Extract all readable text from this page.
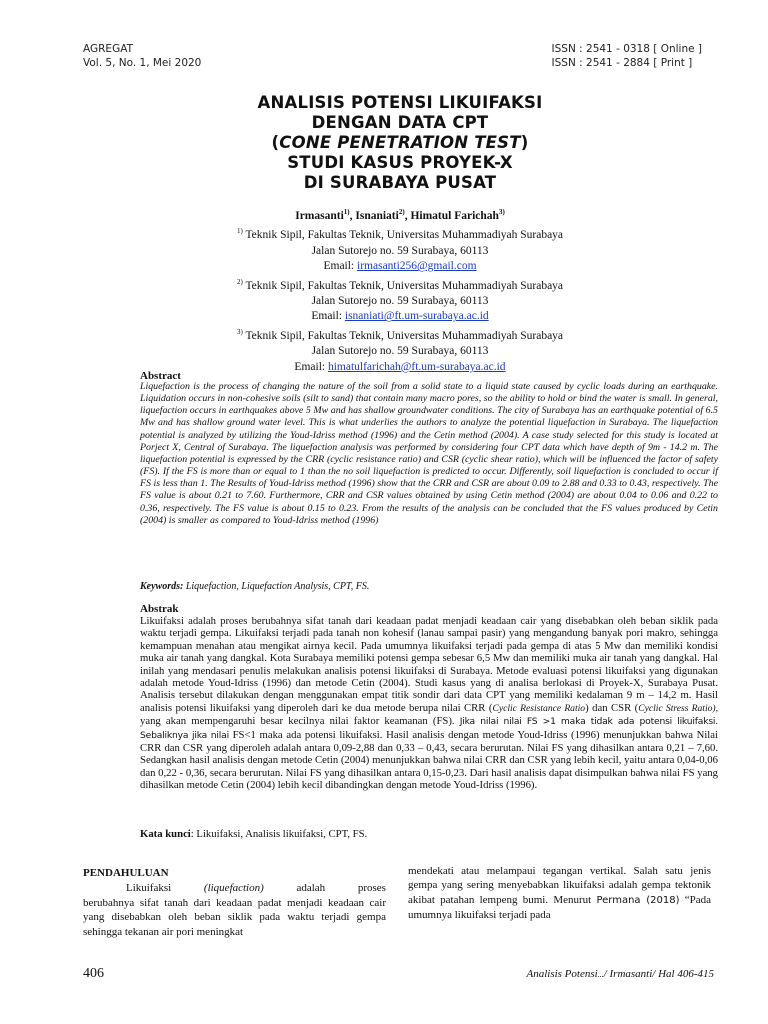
AGREGAT
Vol. 5, No. 1, Mei 2020
ISSN : 2541 - 0318 [ Online ]
ISSN : 2541 - 2884 [ Print ]
ANALISIS POTENSI LIKUIFAKSI
DENGAN DATA CPT
(CONE PENETRATION TEST)
STUDI KASUS PROYEK-X
DI SURABAYA PUSAT
Irmasanti$^{1)}$, Isnaniati$^{2)}$, Himatul Farichah$^{3)}$
$^{1)}$ Teknik Sipil, Fakultas Teknik, Universitas Muhammadiyah Surabaya
Jalan Sutorejo no. 59 Surabaya, 60113
Email: irmasanti256@gmail.com
$^{2)}$ Teknik Sipil, Fakultas Teknik, Universitas Muhammadiyah Surabaya
Jalan Sutorejo no. 59 Surabaya, 60113
Email: isnaniati@ft.um-surabaya.ac.id
$^{3)}$ Teknik Sipil, Fakultas Teknik, Universitas Muhammadiyah Surabaya
Jalan Sutorejo no. 59 Surabaya, 60113
Email: himatulfarichah@ft.um-surabaya.ac.id
Abstract
Liquefaction is the process of changing the nature of the soil from a solid state to a liquid state caused by cyclic loads during an earthquake. Liquidation occurs in non-cohesive soils (silt to sand) that contain many macro pores, so the ability to hold or bind the water is small. In general, liquefaction occurs in earthquakes above 5 Mw and has shallow groundwater conditions. The city of Surabaya has an earthquake potential of 6.5 Mw and has shallow ground water level. This is what underlies the authors to analyze the potential liquefaction in Surabaya. The liquefaction potential is analyzed by utilizing the Youd-Idriss method (1996) and the Cetin method (2004). A case study selected for this study is located at Porject X, Central of Surabaya. The liquefaction analysis was performed by considering four CPT data which have depth of 9m - 14.2 m. The liquefaction potential is expressed by the CRR (cyclic resistance ratio) and CSR (cyclic shear ratio), which will be influenced the factor of safety (FS). If the FS is more than or equal to 1 than the no soil liquefaction is predicted to occur. Differently, soil liquefaction is concluded to occur if FS is less than 1. The Results of Youd-Idriss method (1996) show that the CRR and CSR are about 0.09 to 2.88 and 0.33 to 0.43, respectively. The FS value is about 0.21 to 7.60. Furthermore, CRR and CSR values obtained by using Cetin method (2004) are about 0.04 to 0.06 and 0.22 to 0.36, respectively. The FS value is about 0.15 to 0.23. From the results of the analysis can be concluded that the FS values produced by Cetin (2004) is smaller as compared to Youd-Idriss method (1996)
Keywords: Liquefaction, Liquefaction Analysis, CPT, FS.
Abstrak
Likuifaksi adalah proses berubahnya sifat tanah dari keadaan padat menjadi keadaan cair yang disebabkan oleh beban siklik pada waktu terjadi gempa. Likuifaksi terjadi pada tanah non kohesif (lanau sampai pasir) yang mengandung banyak pori makro, sehingga kemampuan menahan atau mengikat airnya kecil. Pada umumnya likuifaksi terjadi pada gempa di atas 5 Mw dan memiliki kondisi muka air tanah yang dangkal. Kota Surabaya memiliki potensi gempa sebesar 6,5 Mw dan memiliki muka air tanah yang dangkal. Hal inilah yang mendasari penulis melakukan analisis potensi likuifaksi di Surabaya. Metode evaluasi potensi likuifaksi yang digunakan adalah metode Youd-Idriss (1996) dan metode Cetin (2004). Studi kasus yang di analisa berlokasi di Proyek-X, Surabaya Pusat. Analisis tersebut dilakukan dengan menggunakan empat titik sondir dari data CPT yang memiliki kedalaman 9 m – 14,2 m. Hasil analisis potensi likuifaksi yang diperoleh dari ke dua metode berupa nilai CRR (Cyclic Resistance Ratio) dan CSR (Cyclic Stress Ratio), yang akan mempengaruhi besar kecilnya nilai faktor keamanan (FS). Jika nilai nilai FS >1 maka tidak ada potensi likuifaksi. Sebaliknya jika nilai FS<1 maka ada potensi likuifaksi. Hasil analisis dengan metode Youd-Idriss (1996) menunjukkan bahwa Nilai CRR dan CSR yang diperoleh adalah antara 0,09-2,88 dan 0,33 – 0,43, secara berurutan. Nilai FS yang dihasilkan antara 0,21 – 7,60. Sedangkan hasil analisis dengan metode Cetin (2004) menunjukkan bahwa nilai CRR dan CSR yang lebih kecil, yaitu antara 0,04-0,06 dan 0,22 - 0,36, secara berurutan. Nilai FS yang dihasilkan antara 0,15-0,23. Dari hasil analisis dapat disimpulkan bahwa nilai FS yang dihasilkan metode Cetin (2004) lebih kecil dibandingkan dengan metode Youd-Idriss (1996).
Kata kunci: Likuifaksi, Analisis likuifaksi, CPT, FS.
PENDAHULUAN
Likuifaksi	(liquefaction)	adalah	proses
berubahnya sifat tanah dari keadaan padat menjadi keadaan cair yang disebabkan oleh beban siklik pada waktu terjadi gempa sehingga tekanan air pori meningkat
mendekati atau melampaui tegangan vertikal. Salah satu jenis gempa yang sering menyebabkan likuifaksi adalah gempa tektonik akibat patahan lempeng bumi. Menurut Permana (2018) “Pada umumnya likuifaksi terjadi pada
406	Analisis Potensi.../ Irmasanti/ Hal 406-415
